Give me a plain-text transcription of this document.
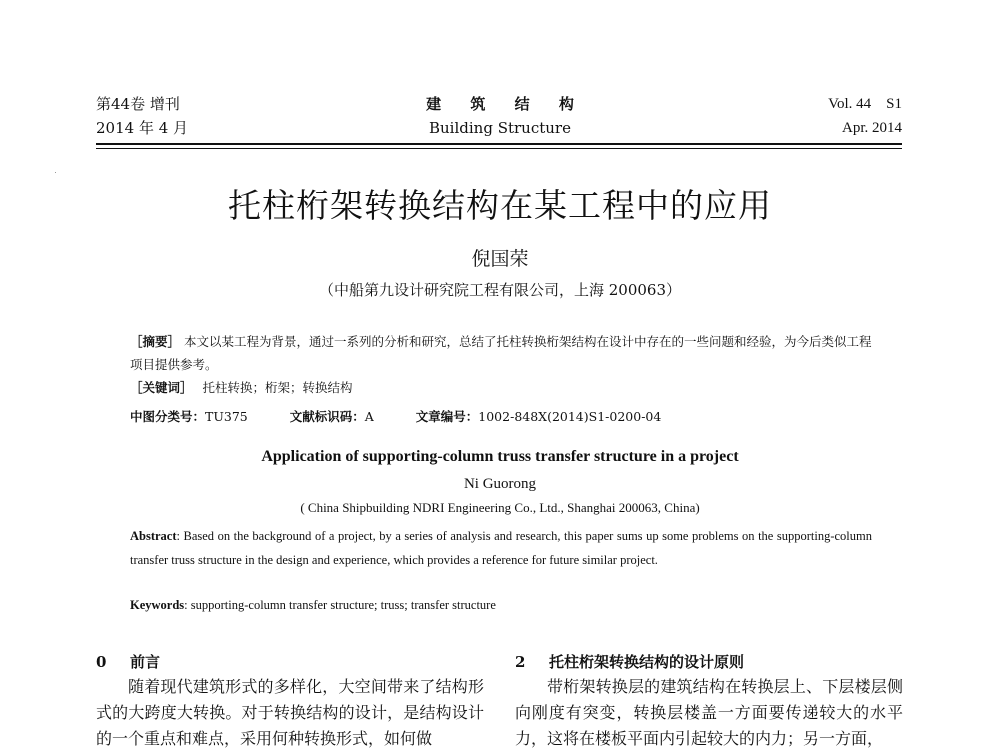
第44卷 增刊
2014 年 4 月
建 筑 结 构
Building Structure
Vol. 44    S1
Apr. 2014
托柱桁架转换结构在某工程中的应用
倪国荣
（中船第九设计研究院工程有限公司，上海 200063）
［摘要］ 本文以某工程为背景，通过一系列的分析和研究，总结了托柱转换桁架结构在设计中存在的一些问题和经验，为今后类似工程项目提供参考。
［关键词］ 托柱转换；桁架；转换结构
中图分类号：TU375	文献标识码：A	文章编号：1002-848X(2014)S1-0200-04
Application of supporting-column truss transfer structure in a project
Ni Guorong
( China Shipbuilding NDRI Engineering Co., Ltd., Shanghai 200063, China)
Abstract: Based on the background of a project, by a series of analysis and research, this paper sums up some problems on the supporting-column transfer truss structure in the design and experience, which provides a reference for future similar project.
Keywords: supporting-column transfer structure; truss; transfer structure
0 前言
随着现代建筑形式的多样化，大空间带来了结构形式的大跨度大转换。对于转换结构的设计，是结构设计的一个重点和难点，采用何种转换形式，如何做
2 托柱桁架转换结构的设计原则
带桁架转换层的建筑结构在转换层上、下层楼层侧向刚度有突变，转换层楼盖一方面要传递较大的水平力，这将在楼板平面内引起较大的内力；另一方面，
